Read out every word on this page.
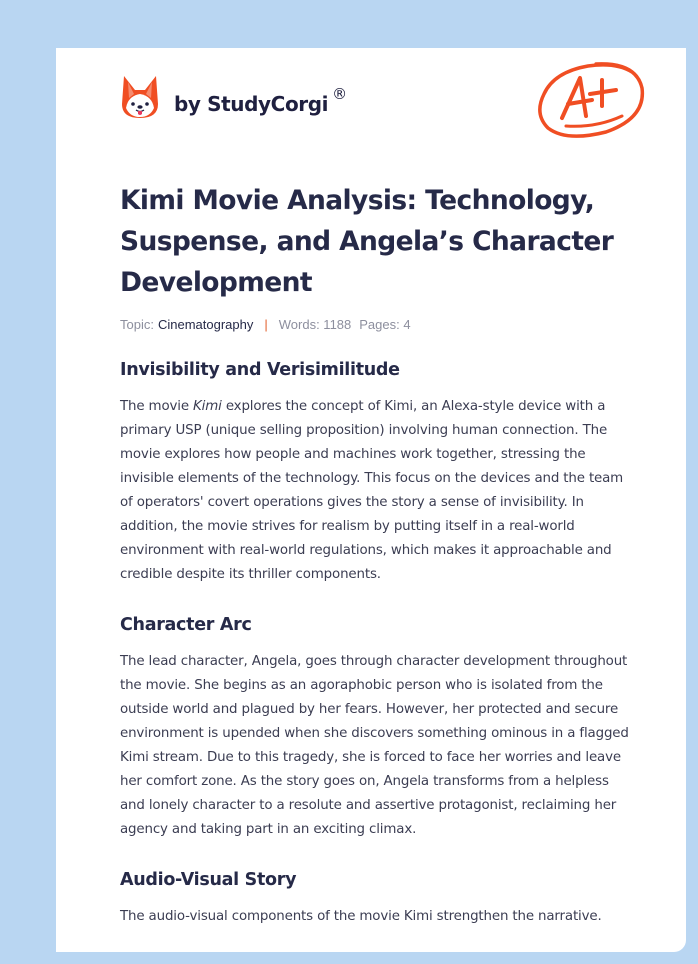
by StudyCorgi ®
Kimi Movie Analysis: Technology, Suspense, and Angela’s Character Development
Topic: Cinematography | Words: 1188 Pages: 4
Invisibility and Verisimilitude

The movie Kimi explores the concept of Kimi, an Alexa-style device with a primary USP (unique selling proposition) involving human connection. The movie explores how people and machines work together, stressing the invisible elements of the technology. This focus on the devices and the team of operators' covert operations gives the story a sense of invisibility. In addition, the movie strives for realism by putting itself in a real-world environment with real-world regulations, which makes it approachable and credible despite its thriller components.

Character Arc

The lead character, Angela, goes through character development throughout the movie. She begins as an agoraphobic person who is isolated from the outside world and plagued by her fears. However, her protected and secure environment is upended when she discovers something ominous in a flagged Kimi stream. Due to this tragedy, she is forced to face her worries and leave her comfort zone. As the story goes on, Angela transforms from a helpless and lonely character to a resolute and assertive protagonist, reclaiming her agency and taking part in an exciting climax.

Audio-Visual Story

The audio-visual components of the movie Kimi strengthen the narrative.
